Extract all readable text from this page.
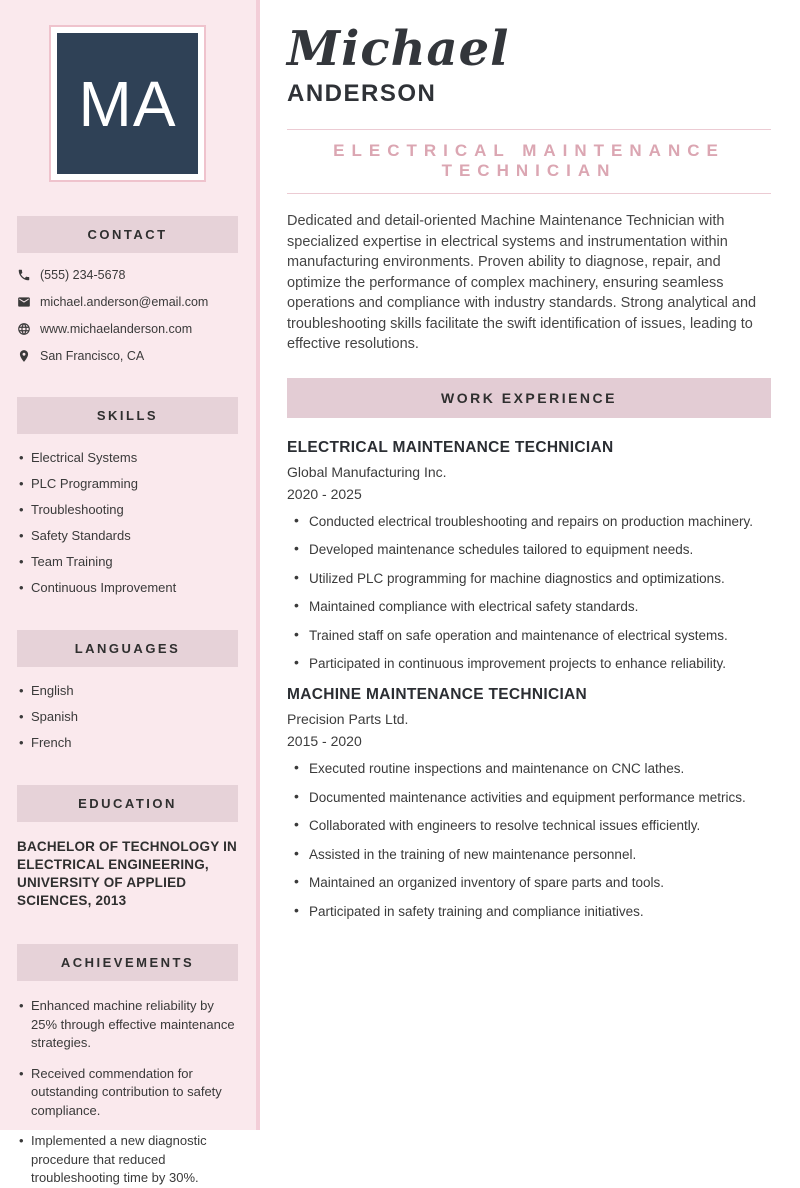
MA
CONTACT
(555) 234-5678
michael.anderson@email.com
www.michaelanderson.com
San Francisco, CA
SKILLS
• Electrical Systems
• PLC Programming
• Troubleshooting
• Safety Standards
• Team Training
• Continuous Improvement
LANGUAGES
• English
• Spanish
• French
EDUCATION

BACHELOR OF TECHNOLOGY IN ELECTRICAL ENGINEERING, UNIVERSITY OF APPLIED SCIENCES, 2013

ACHIEVEMENTS
• Enhanced machine reliability by 25% through effective maintenance strategies.
• Received commendation for outstanding contribution to safety compliance.
• Implemented a new diagnostic procedure that reduced troubleshooting time by 30%.
Michael
ANDERSON
ELECTRICAL MAINTENANCE TECHNICIAN

Dedicated and detail-oriented Machine Maintenance Technician with specialized expertise in electrical systems and instrumentation within manufacturing environments. Proven ability to diagnose, repair, and optimize the performance of complex machinery, ensuring seamless operations and compliance with industry standards. Strong analytical and troubleshooting skills facilitate the swift identification of issues, leading to effective resolutions.

WORK EXPERIENCE
ELECTRICAL MAINTENANCE TECHNICIAN
Global Manufacturing Inc.
2020 - 2025
• Conducted electrical troubleshooting and repairs on production machinery.
• Developed maintenance schedules tailored to equipment needs.
• Utilized PLC programming for machine diagnostics and optimizations.
• Maintained compliance with electrical safety standards.
• Trained staff on safe operation and maintenance of electrical systems.
• Participated in continuous improvement projects to enhance reliability.
MACHINE MAINTENANCE TECHNICIAN
Precision Parts Ltd.
2015 - 2020
• Executed routine inspections and maintenance on CNC lathes.
• Documented maintenance activities and equipment performance metrics.
• Collaborated with engineers to resolve technical issues efficiently.
• Assisted in the training of new maintenance personnel.
• Maintained an organized inventory of spare parts and tools.
• Participated in safety training and compliance initiatives.
